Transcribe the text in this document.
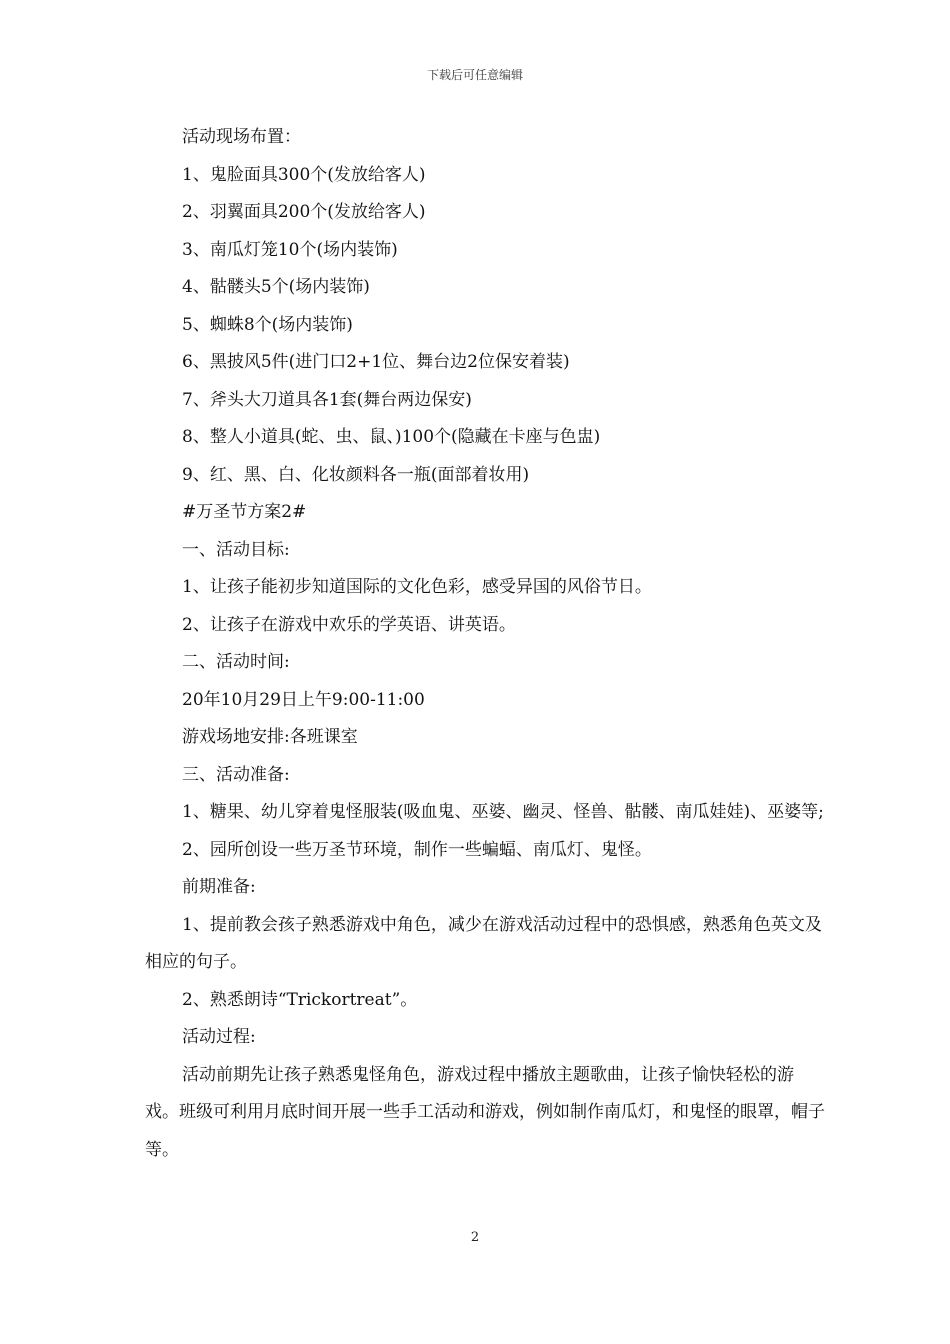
下载后可任意编辑

活动现场布置：

1、鬼脸面具300个(发放给客人)

2、羽翼面具200个(发放给客人)

3、南瓜灯笼10个(场内装饰)

4、骷髅头5个(场内装饰)

5、蜘蛛8个(场内装饰)

6、黑披风5件(进门口2+1位、舞台边2位保安着装)

7、斧头大刀道具各1套(舞台两边保安)

8、整人小道具(蛇、虫、鼠、)100个(隐藏在卡座与色盅)

9、红、黑、白、化妆颜料各一瓶(面部着妆用)

#万圣节方案2#

一、活动目标:

1、让孩子能初步知道国际的文化色彩，感受异国的风俗节日。

2、让孩子在游戏中欢乐的学英语、讲英语。

二、活动时间:

20年10月29日上午9:00-11:00

游戏场地安排:各班课室

三、活动准备:

1、糖果、幼儿穿着鬼怪服装(吸血鬼、巫婆、幽灵、怪兽、骷髅、南瓜娃娃)、巫婆等;

2、园所创设一些万圣节环境，制作一些蝙蝠、南瓜灯、鬼怪。

前期准备:

1、提前教会孩子熟悉游戏中角色，减少在游戏活动过程中的恐惧感，熟悉角色英文及相应的句子。

2、熟悉朗诗“Trickortreat”。

活动过程:

活动前期先让孩子熟悉鬼怪角色，游戏过程中播放主题歌曲，让孩子愉快轻松的游戏。班级可利用月底时间开展一些手工活动和游戏，例如制作南瓜灯，和鬼怪的眼罩，帽子等。

2
